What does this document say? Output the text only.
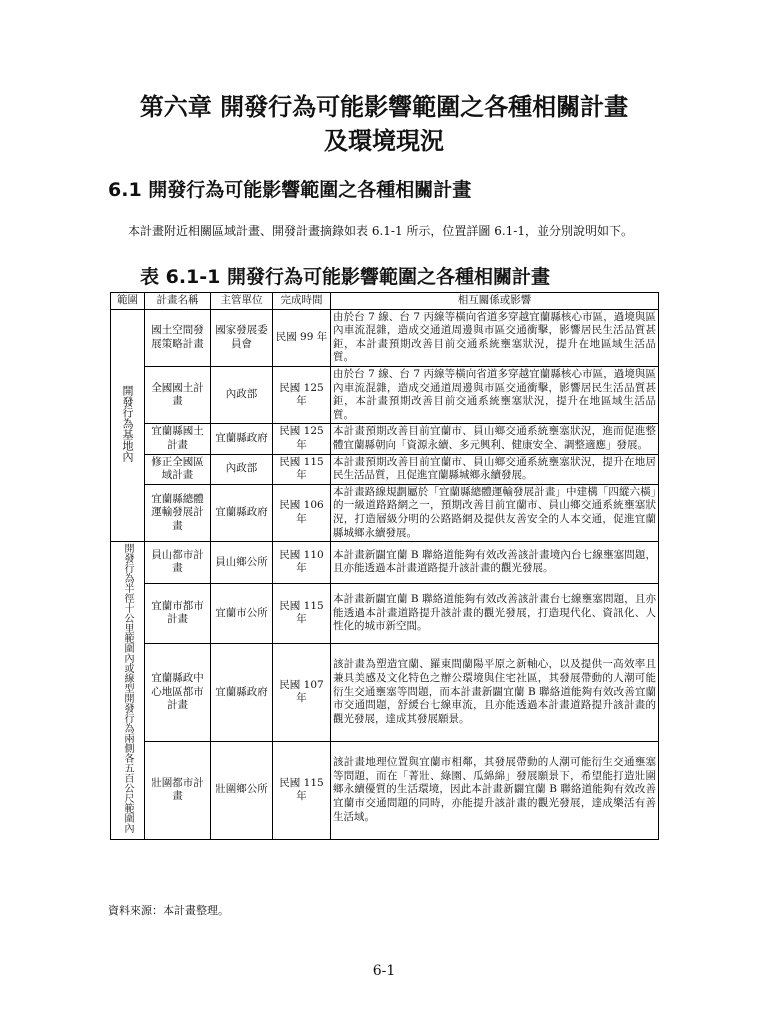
第六章 開發行為可能影響範圍之各種相關計畫
及環境現況
6.1 開發行為可能影響範圍之各種相關計畫

本計畫附近相關區域計畫、開發計畫摘錄如表 6.1-1 所示，位置詳圖 6.1-1，並分別說明如下。

表 6.1-1 開發行為可能影響範圍之各種相關計畫
範圍	計畫名稱	主管單位	完成時間	相互關係或影響
開發行為基地內	國土空間發展策略計畫	國家發展委員會	民國 99 年	由於台 7 線、台 7 丙線等橫向省道多穿越宜蘭縣核心市區，過境與區內車流混雜，造成交通道周邊與市區交通衝擊，影響居民生活品質甚鉅，本計畫預期改善目前交通系統壅塞狀況，提升在地區域生活品質。
	全國國土計畫	內政部	民國 125 年	由於台 7 線、台 7 丙線等橫向省道多穿越宜蘭縣核心市區，過境與區內車流混雜，造成交通道周邊與市區交通衝擊，影響居民生活品質甚鉅，本計畫預期改善目前交通系統壅塞狀況，提升在地區域生活品質。
	宜蘭縣國土計畫	宜蘭縣政府	民國 125 年	本計畫預期改善目前宜蘭市、員山鄉交通系統壅塞狀況，進而促進整體宜蘭縣朝向「資源永續、多元興利、健康安全、調整適應」發展。
	修正全國區域計畫	內政部	民國 115 年	本計畫預期改善目前宜蘭市、員山鄉交通系統壅塞狀況，提升在地居民生活品質，且促進宜蘭縣城鄉永續發展。
	宜蘭縣總體運輸發展計畫	宜蘭縣政府	民國 106 年	本計畫路線規劃屬於「宜蘭縣總體運輸發展計畫」中建構「四縱六橫」的一級道路路網之一，預期改善目前宜蘭市、員山鄉交通系統壅塞狀況，打造層級分明的公路路網及提供友善安全的人本交通，促進宜蘭縣城鄉永續發展。
開發行為半徑十公里範圍內或線型開發行為兩側各五百公尺範圍內	員山都市計畫	員山鄉公所	民國 110 年	本計畫新闢宜蘭 B 聯絡道能夠有效改善該計畫境內台七線壅塞問題，且亦能透過本計畫道路提升該計畫的觀光發展。
	宜蘭市都市計畫	宜蘭市公所	民國 115 年	本計畫新闢宜蘭 B 聯絡道能夠有效改善該計畫台七線壅塞問題，且亦能透過本計畫道路提升該計畫的觀光發展，打造現代化、資訊化、人性化的城市新空間。
	宜蘭縣政中心地區都市計畫	宜蘭縣政府	民國 107 年	該計畫為塑造宜蘭、羅東間蘭陽平原之新軸心，以及提供一高效率且兼具美感及文化特色之辦公環境與住宅社區，其發展帶動的人潮可能衍生交通壅塞等問題，而本計畫新闢宜蘭 B 聯絡道能夠有效改善宜蘭市交通問題，舒緩台七線車流，且亦能透過本計畫道路提升該計畫的觀光發展，達成其發展願景。
	壯圍都市計畫	壯圍鄉公所	民國 115 年	該計畫地理位置與宜蘭市相鄰，其發展帶動的人潮可能衍生交通壅塞等問題，而在「菁壯、綠園、瓜綿綿」發展願景下，希望能打造壯圍鄉永續優質的生活環境，因此本計畫新闢宜蘭 B 聯絡道能夠有效改善宜蘭市交通問題的同時，亦能提升該計畫的觀光發展，達成樂活有善生活域。
資料來源：本計畫整理。
6-1
